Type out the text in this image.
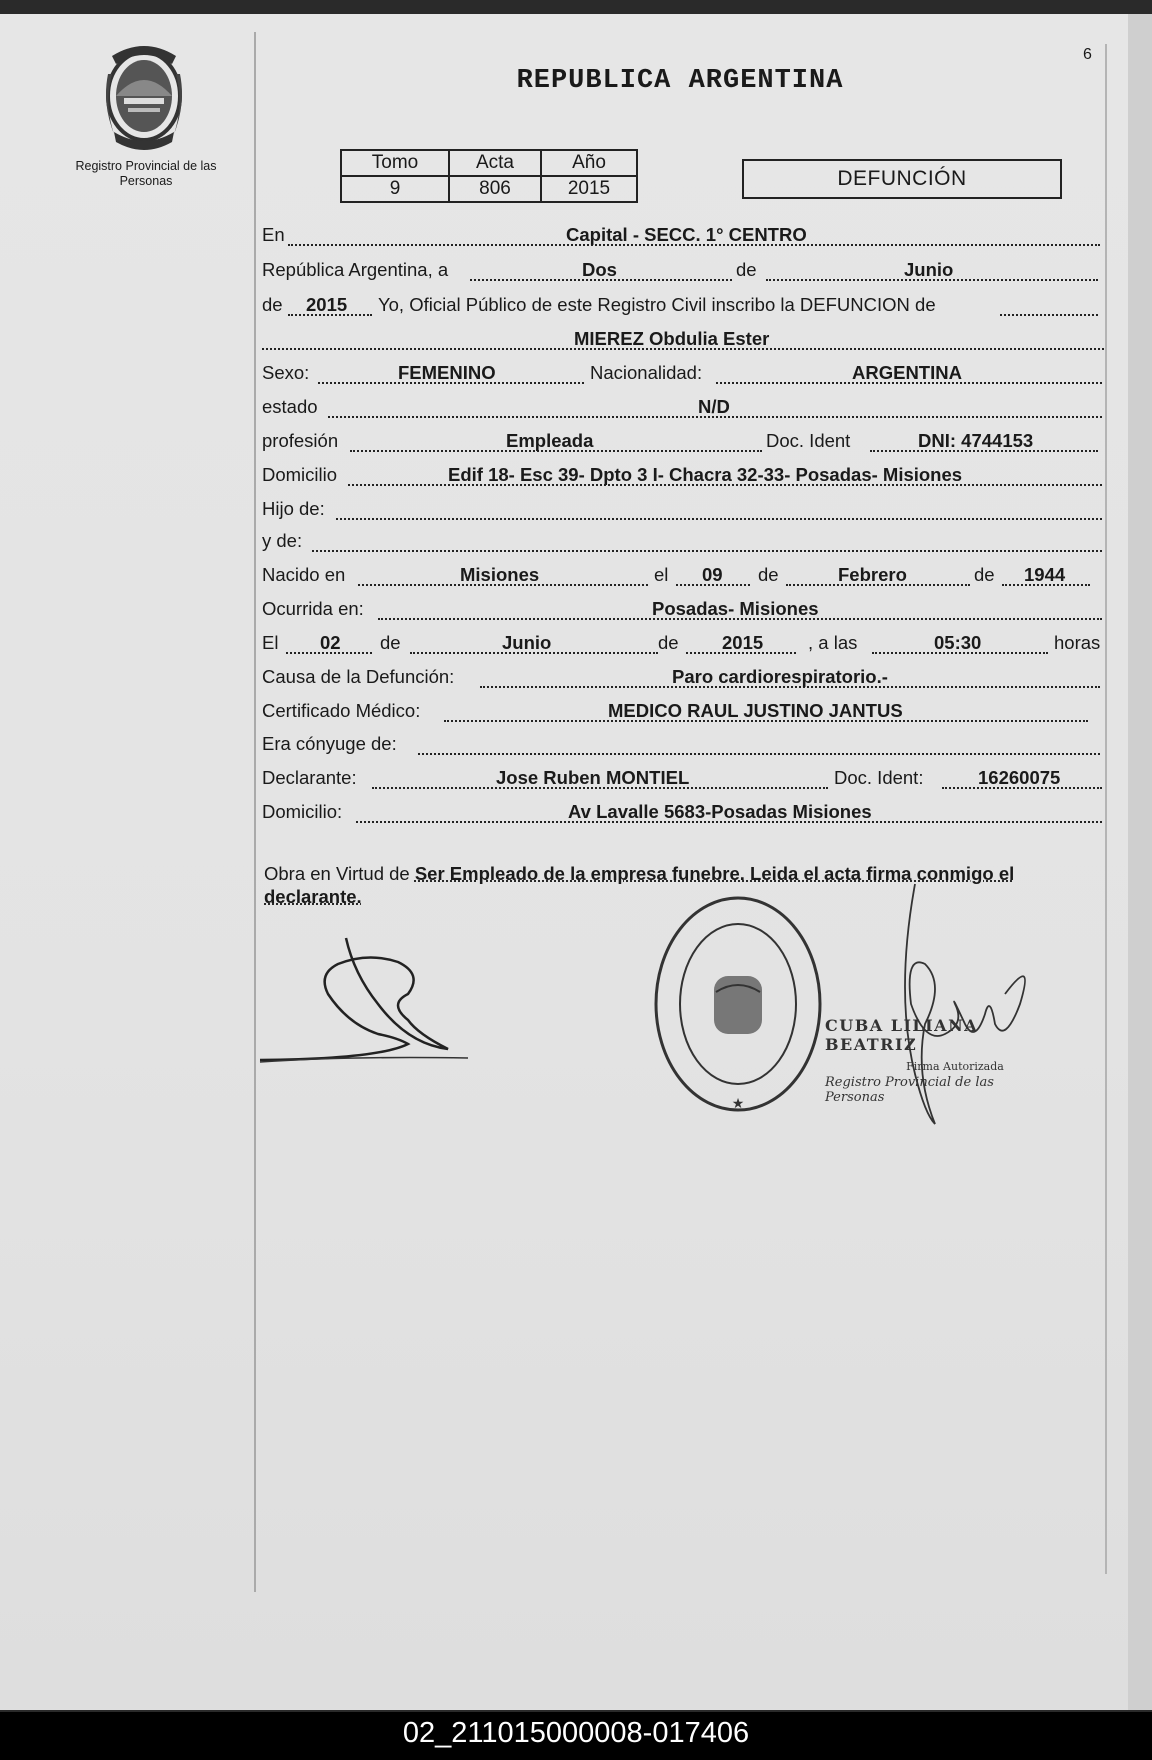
6
Registro Provincial de las Personas
REPUBLICA ARGENTINA
Tomo	Acta	Año
9	806	2015	DEFUNCIÓN
En	Capital - SECC. 1° CENTRO
República Argentina, a	Dos	de	Junio
de 2015 Yo, Oficial Público de este Registro Civil inscribo la DEFUNCION de
MIEREZ Obdulia Ester
Sexo:	FEMENINO	Nacionalidad:	ARGENTINA
estado	N/D
profesión	Empleada	Doc. Ident	DNI: 4744153
Domicilio	Edif 18- Esc 39- Dpto 3 I- Chacra 32-33- Posadas- Misiones
Hijo de:
y de:
Nacido en	Misiones	el 09 de	Febrero	de 1944
Ocurrida en:	Posadas- Misiones
El 02 de	Junio	de 2015 , a las	05:30	horas
Causa de la Defunción:	Paro cardiorespiratorio.-
Certificado Médico:	MEDICO RAUL JUSTINO JANTUS
Era cónyuge de:
Declarante:	Jose Ruben MONTIEL	Doc. Ident:	16260075
Domicilio:	Av Lavalle 5683-Posadas Misiones
Obra en Virtud de Ser Empleado de la empresa funebre. Leida el acta firma conmigo el declarante.
★
CUBA LILIANA BEATRIZ
Firma Autorizada
Registro Provincial de las Personas
02_211015000008-017406
